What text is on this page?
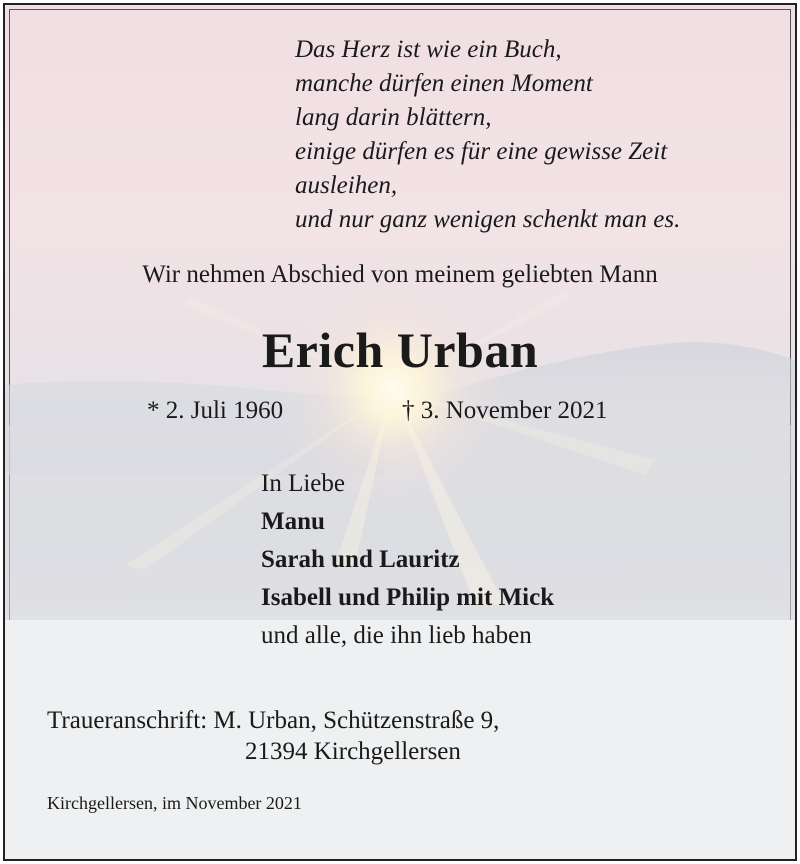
Das Herz ist wie ein Buch,
manche dürfen einen Moment
lang darin blättern,
einige dürfen es für eine gewisse Zeit
ausleihen,
und nur ganz wenigen schenkt man es.
Wir nehmen Abschied von meinem geliebten Mann
Erich Urban
* 2. Juli 1960	† 3. November 2021
In Liebe
Manu
Sarah und Lauritz
Isabell und Philip mit Mick
und alle, die ihn lieb haben
Traueranschrift: M. Urban, Schützenstraße 9,
21394 Kirchgellersen
Kirchgellersen, im November 2021
